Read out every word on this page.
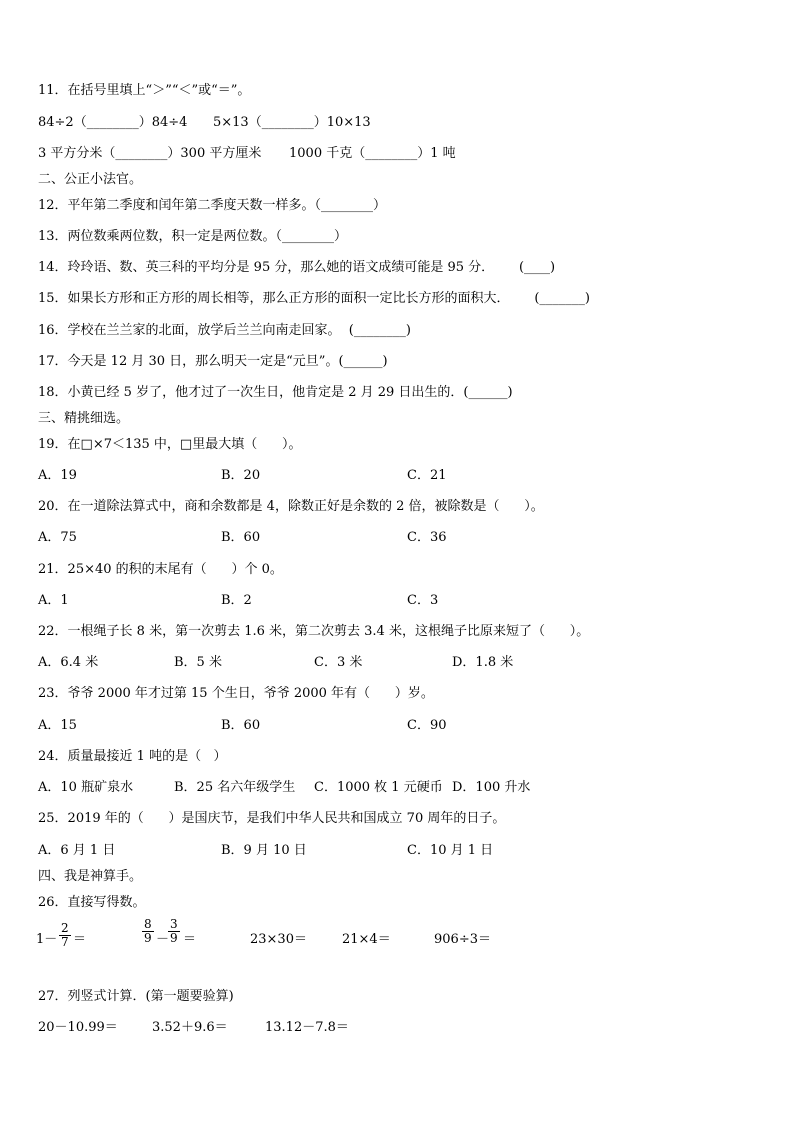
11．在括号里填上“＞”“＜”或“＝”。
84÷2（________）84÷4 5×13（________）10×13
3 平方分米（________）300 平方厘米 1000 千克（________）1 吨
二、公正小法官。
12．平年第二季度和闰年第二季度天数一样多。（________）
13．两位数乘两位数，积一定是两位数。（________）
14．玲玲语、数、英三科的平均分是 95 分，那么她的语文成绩可能是 95 分．      (____)
15．如果长方形和正方形的周长相等，那么正方形的面积一定比长方形的面积大．      (_______)
16．学校在兰兰家的北面，放学后兰兰向南走回家。  (________)
17．今天是 12 月 30 日，那么明天一定是“元旦”。(______)
18．小黄已经 5 岁了，他才过了一次生日，他肯定是 2 月 29 日出生的．(______)
三、精挑细选。
19．在□×7＜135 中，□里最大填（      ）。
A．19	B．20	C．21
20．在一道除法算式中，商和余数都是 4，除数正好是余数的 2 倍，被除数是（      ）。
A．75	B．60	C．36
21．25×40 的积的末尾有（      ）个 0。
A．1	B．2	C．3
22．一根绳子长 8 米，第一次剪去 1.6 米，第二次剪去 3.4 米，这根绳子比原来短了（      ）。
A．6.4 米	B．5 米	C．3 米	D．1.8 米
23．爷爷 2000 年才过第 15 个生日，爷爷 2000 年有（      ）岁。
A．15	B．60	C．90
24．质量最接近 1 吨的是（   ）
A．10 瓶矿泉水	B．25 名六年级学生 C．1000 枚 1 元硬币 D．100 升水
25．2019 年的（      ）是国庆节，是我们中华人民共和国成立 70 周年的日子。
A．6 月 1 日	B．9 月 10 日	C．10 月 1 日
四、我是神算手。
26．直接写得数。
$1- \frac{2}{7}$ ＝	$\frac{8}{9}$ －
$\frac{3}{9}$ ＝	23×30＝	21×4＝	906÷3＝
27．列竖式计算．(第一题要验算)
20－10.99＝	3.52＋9.6＝	13.12－7.8＝
